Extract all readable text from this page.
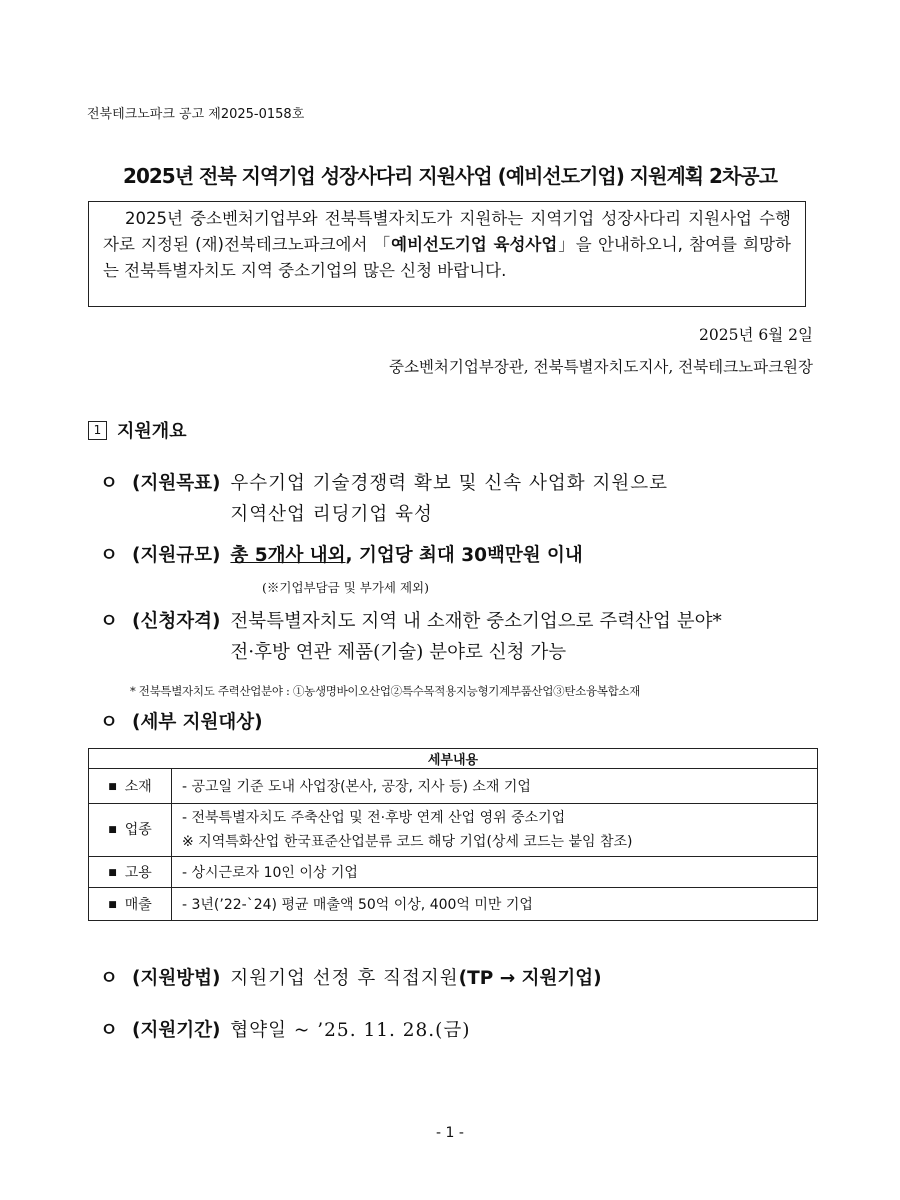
전북테크노파크 공고 제2025-0158호
2025년 전북 지역기업 성장사다리 지원사업 (예비선도기업) 지원계획 2차공고
2025년 중소벤처기업부와 전북특별자치도가 지원하는 지역기업 성장사다리 지원사업 수행자로 지정된 (재)전북테크노파크에서 「예비선도기업 육성사업」을 안내하오니, 참여를 희망하는 전북특별자치도 지역 중소기업의 많은 신청 바랍니다.
2025년 6월 2일
중소벤처기업부장관, 전북특별자치도지사, 전북테크노파크원장
1 지원개요
ㅇ (지원목표) 우수기업 기술경쟁력 확보 및 신속 사업화 지원으로
지역산업 리딩기업 육성
ㅇ (지원규모) 총 5개사 내외, 기업당 최대 30백만원 이내
(※기업부담금 및 부가세 제외)
ㅇ (신청자격) 전북특별자치도 지역 내 소재한 중소기업으로 주력산업 분야*
전·후방 연관 제품(기술) 분야로 신청 가능
* 전북특별자치도 주력산업분야 : ①농생명바이오산업②특수목적용지능형기계부품산업③탄소융복합소재
ㅇ (세부 지원대상)
세부내용	
■ 소재	- 공고일 기준 도내 사업장(본사, 공장, 지사 등) 소재 기업
■ 업종	- 전북특별자치도 주축산업 및 전·후방 연계 산업 영위 중소기업
※ 지역특화산업 한국표준산업분류 코드 해당 기업(상세 코드는 붙임 참조)
■ 고용	- 상시근로자 10인 이상 기업
■ 매출	- 3년(’22-`24) 평균 매출액 50억 이상, 400억 미만 기업
ㅇ (지원방법) 지원기업 선정 후 직접지원(TP → 지원기업)
ㅇ (지원기간) 협약일 ~ ’25. 11. 28.(금)
- 1 -
